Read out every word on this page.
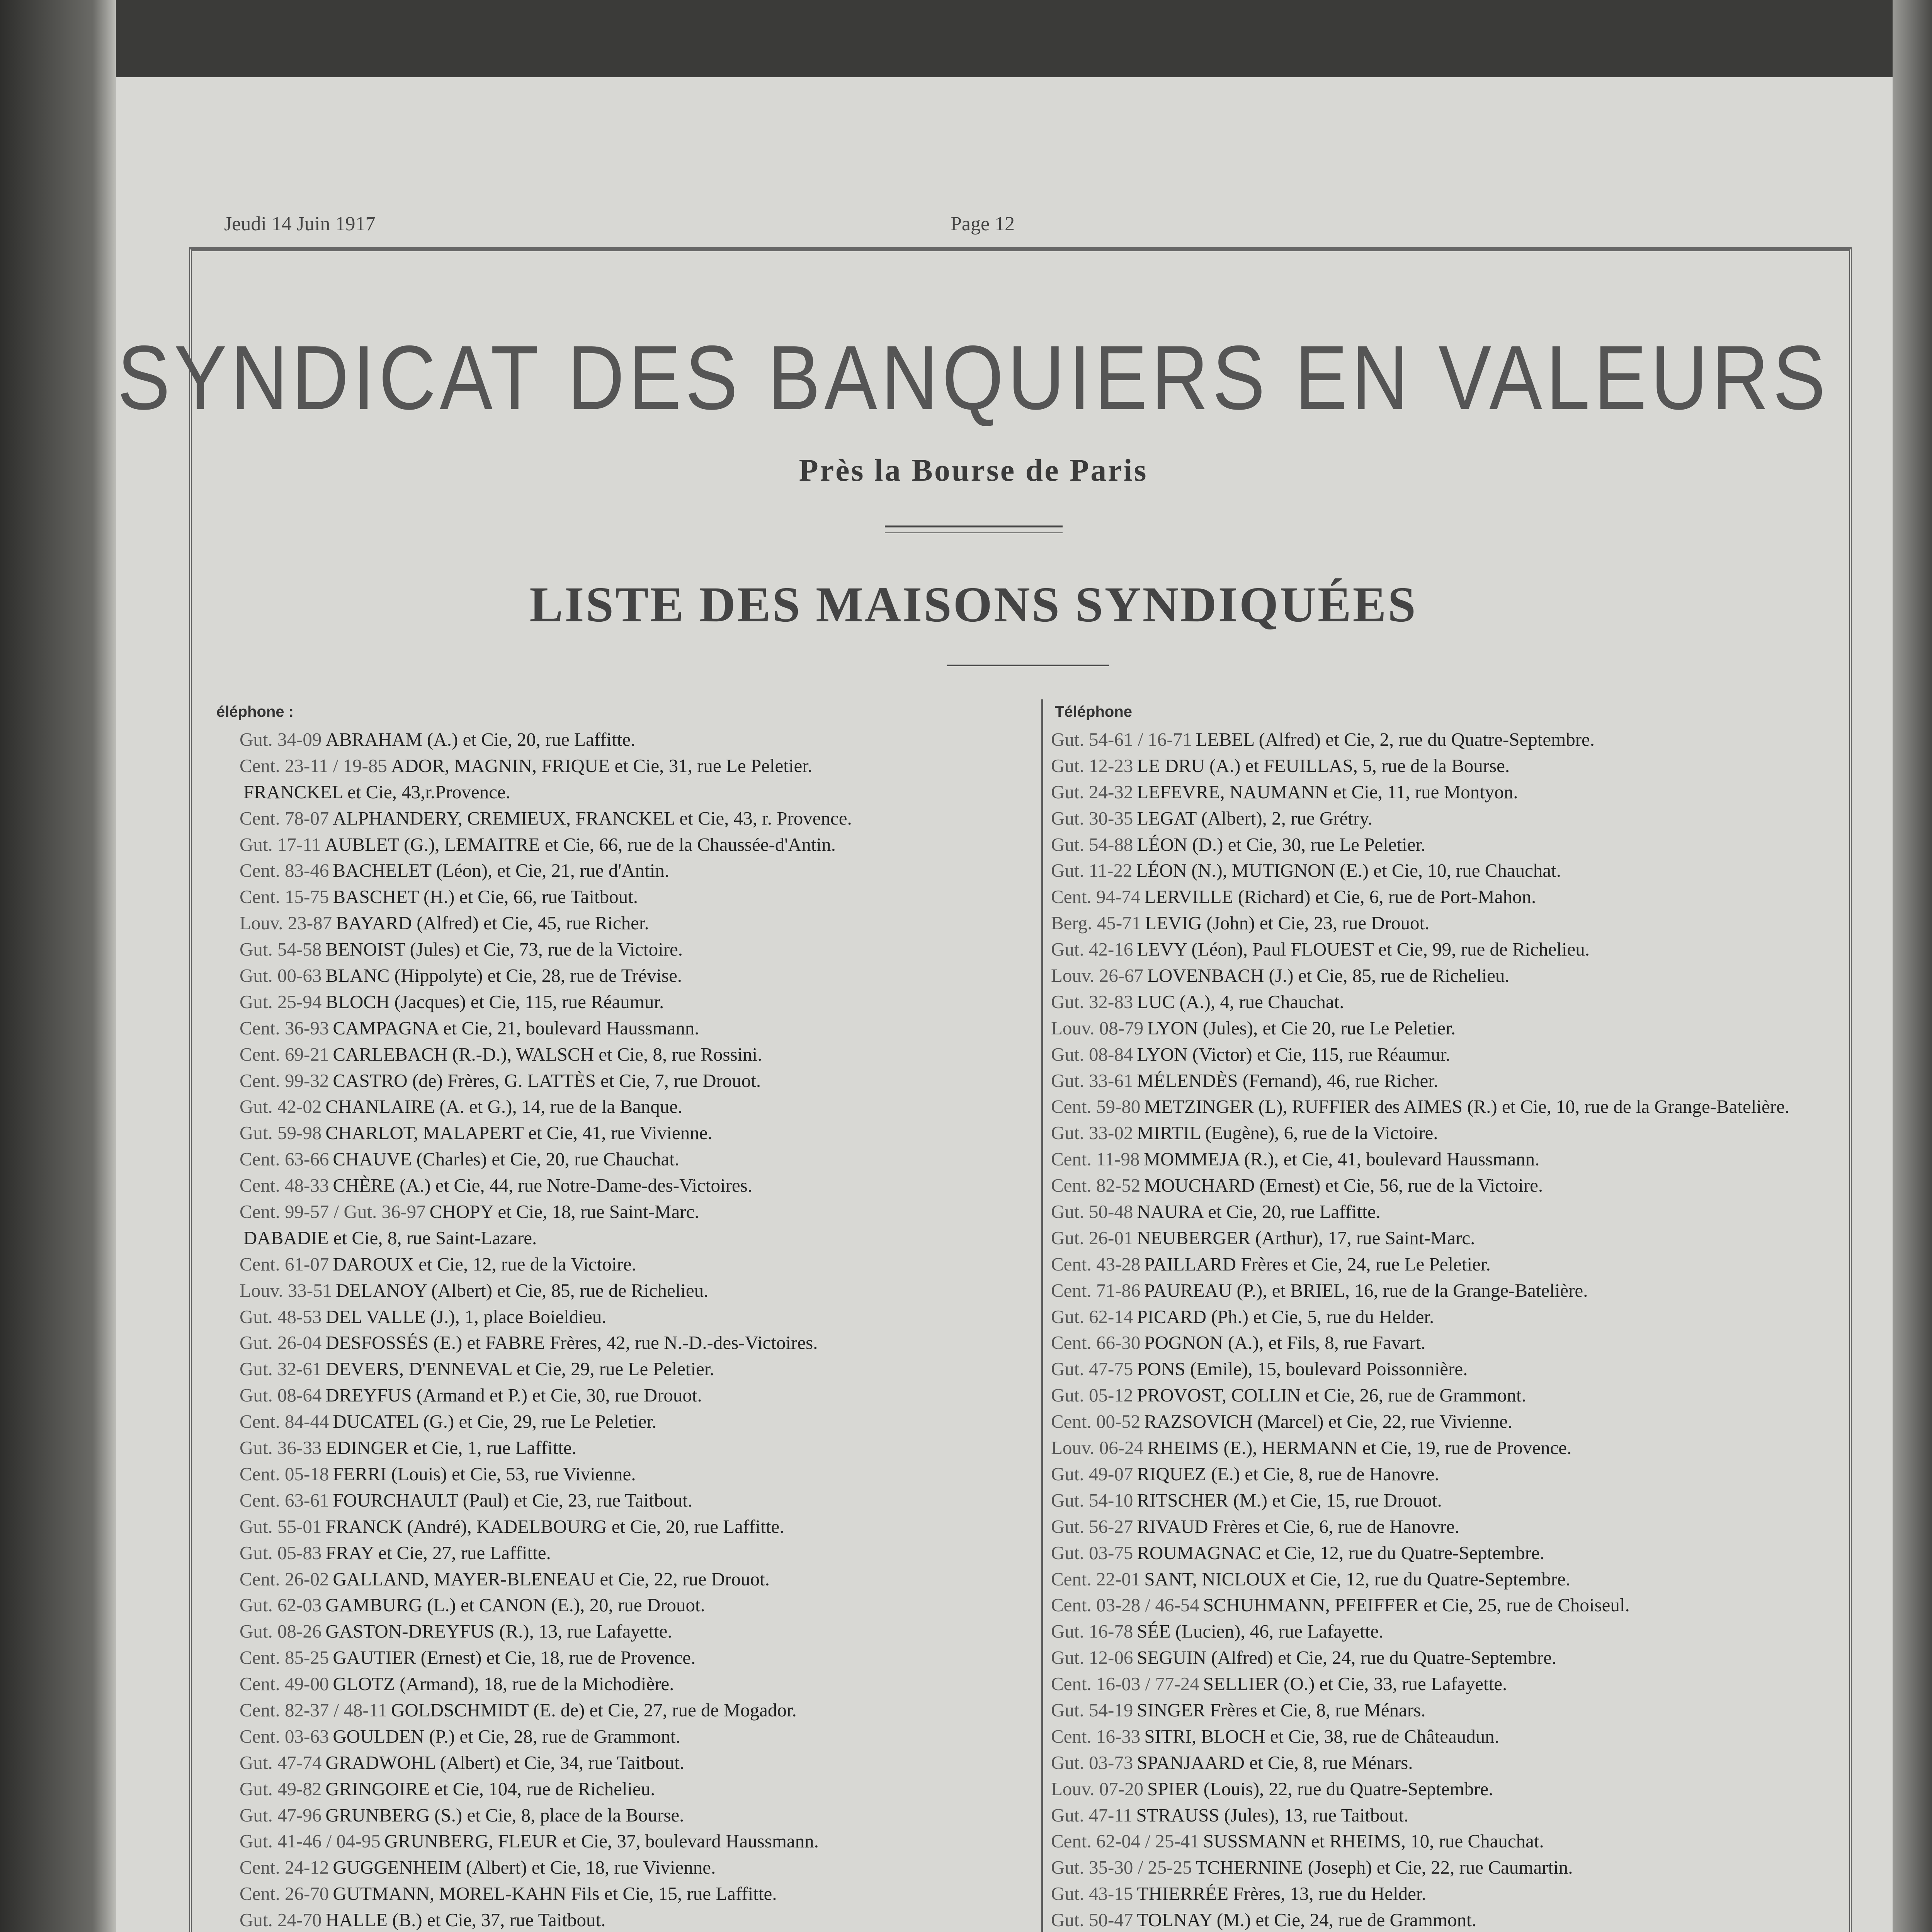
Jeudi 14 Juin 1917	Page 12
SYNDICAT DES BANQUIERS EN VALEURS
Près la Bourse de Paris
LISTE DES MAISONS SYNDIQUÉES
éléphone :	Téléphone
Gut. 34-09 ABRAHAM (A.) et Cie, 20, rue Laffitte.
Cent. 23-11 / 19-85 ADOR, MAGNIN, FRIQUE et Cie, 31, rue Le Peletier.
FRANCKEL et Cie, 43,r.Provence.
Cent. 78-07 ALPHANDERY, CREMIEUX, FRANCKEL et Cie, 43, r. Provence.
Gut. 17-11 AUBLET (G.), LEMAITRE et Cie, 66, rue de la Chaussée-d'Antin.
Cent. 83-46 BACHELET (Léon), et Cie, 21, rue d'Antin.
Cent. 15-75 BASCHET (H.) et Cie, 66, rue Taitbout.
Louv. 23-87 BAYARD (Alfred) et Cie, 45, rue Richer.
Gut. 54-58 BENOIST (Jules) et Cie, 73, rue de la Victoire.
Gut. 00-63 BLANC (Hippolyte) et Cie, 28, rue de Trévise.
Gut. 25-94 BLOCH (Jacques) et Cie, 115, rue Réaumur.
Cent. 36-93 CAMPAGNA et Cie, 21, boulevard Haussmann.
Cent. 69-21 CARLEBACH (R.-D.), WALSCH et Cie, 8, rue Rossini.
Cent. 99-32 CASTRO (de) Frères, G. LATTÈS et Cie, 7, rue Drouot.
Gut. 42-02 CHANLAIRE (A. et G.), 14, rue de la Banque.
Gut. 59-98 CHARLOT, MALAPERT et Cie, 41, rue Vivienne.
Cent. 63-66 CHAUVE (Charles) et Cie, 20, rue Chauchat.
Cent. 48-33 CHÈRE (A.) et Cie, 44, rue Notre-Dame-des-Victoires.
Cent. 99-57 / Gut. 36-97 CHOPY et Cie, 18, rue Saint-Marc.
DABADIE et Cie, 8, rue Saint-Lazare.
Cent. 61-07 DAROUX et Cie, 12, rue de la Victoire.
Louv. 33-51 DELANOY (Albert) et Cie, 85, rue de Richelieu.
Gut. 48-53 DEL VALLE (J.), 1, place Boieldieu.
Gut. 26-04 DESFOSSÉS (E.) et FABRE Frères, 42, rue N.-D.-des-Victoires.
Gut. 32-61 DEVERS, D'ENNEVAL et Cie, 29, rue Le Peletier.
Gut. 08-64 DREYFUS (Armand et P.) et Cie, 30, rue Drouot.
Cent. 84-44 DUCATEL (G.) et Cie, 29, rue Le Peletier.
Gut. 36-33 EDINGER et Cie, 1, rue Laffitte.
Cent. 05-18 FERRI (Louis) et Cie, 53, rue Vivienne.
Cent. 63-61 FOURCHAULT (Paul) et Cie, 23, rue Taitbout.
Gut. 55-01 FRANCK (André), KADELBOURG et Cie, 20, rue Laffitte.
Gut. 05-83 FRAY et Cie, 27, rue Laffitte.
Cent. 26-02 GALLAND, MAYER-BLENEAU et Cie, 22, rue Drouot.
Gut. 62-03 GAMBURG (L.) et CANON (E.), 20, rue Drouot.
Gut. 08-26 GASTON-DREYFUS (R.), 13, rue Lafayette.
Cent. 85-25 GAUTIER (Ernest) et Cie, 18, rue de Provence.
Cent. 49-00 GLOTZ (Armand), 18, rue de la Michodière.
Cent. 82-37 / 48-11 GOLDSCHMIDT (E. de) et Cie, 27, rue de Mogador.
Cent. 03-63 GOULDEN (P.) et Cie, 28, rue de Grammont.
Gut. 47-74 GRADWOHL (Albert) et Cie, 34, rue Taitbout.
Gut. 49-82 GRINGOIRE et Cie, 104, rue de Richelieu.
Gut. 47-96 GRUNBERG (S.) et Cie, 8, place de la Bourse.
Gut. 41-46 / 04-95 GRUNBERG, FLEUR et Cie, 37, boulevard Haussmann.
Cent. 24-12 GUGGENHEIM (Albert) et Cie, 18, rue Vivienne.
Cent. 26-70 GUTMANN, MOREL-KAHN Fils et Cie, 15, rue Laffitte.
Gut. 24-70 HALLE (B.) et Cie, 37, rue Taitbout.
Gut. 54-61 / 16-71 LEBEL (Alfred) et Cie, 2, rue du Quatre-Septembre.
Gut. 12-23 LE DRU (A.) et FEUILLAS, 5, rue de la Bourse.
Gut. 24-32 LEFEVRE, NAUMANN et Cie, 11, rue Montyon.
Gut. 30-35 LEGAT (Albert), 2, rue Grétry.
Gut. 54-88 LÉON (D.) et Cie, 30, rue Le Peletier.
Gut. 11-22 LÉON (N.), MUTIGNON (E.) et Cie, 10, rue Chauchat.
Cent. 94-74 LERVILLE (Richard) et Cie, 6, rue de Port-Mahon.
Berg. 45-71 LEVIG (John) et Cie, 23, rue Drouot.
Gut. 42-16 LEVY (Léon), Paul FLOUEST et Cie, 99, rue de Richelieu.
Louv. 26-67 LOVENBACH (J.) et Cie, 85, rue de Richelieu.
Gut. 32-83 LUC (A.), 4, rue Chauchat.
Louv. 08-79 LYON (Jules), et Cie 20, rue Le Peletier.
Gut. 08-84 LYON (Victor) et Cie, 115, rue Réaumur.
Gut. 33-61 MÉLENDÈS (Fernand), 46, rue Richer.
Cent. 59-80 METZINGER (L), RUFFIER des AIMES (R.) et Cie, 10, rue de la Grange-Batelière.
Gut. 33-02 MIRTIL (Eugène), 6, rue de la Victoire.
Cent. 11-98 MOMMEJA (R.), et Cie, 41, boulevard Haussmann.
Cent. 82-52 MOUCHARD (Ernest) et Cie, 56, rue de la Victoire.
Gut. 50-48 NAURA et Cie, 20, rue Laffitte.
Gut. 26-01 NEUBERGER (Arthur), 17, rue Saint-Marc.
Cent. 43-28 PAILLARD Frères et Cie, 24, rue Le Peletier.
Cent. 71-86 PAUREAU (P.), et BRIEL, 16, rue de la Grange-Batelière.
Gut. 62-14 PICARD (Ph.) et Cie, 5, rue du Helder.
Cent. 66-30 POGNON (A.), et Fils, 8, rue Favart.
Gut. 47-75 PONS (Emile), 15, boulevard Poissonnière.
Gut. 05-12 PROVOST, COLLIN et Cie, 26, rue de Grammont.
Cent. 00-52 RAZSOVICH (Marcel) et Cie, 22, rue Vivienne.
Louv. 06-24 RHEIMS (E.), HERMANN et Cie, 19, rue de Provence.
Gut. 49-07 RIQUEZ (E.) et Cie, 8, rue de Hanovre.
Gut. 54-10 RITSCHER (M.) et Cie, 15, rue Drouot.
Gut. 56-27 RIVAUD Frères et Cie, 6, rue de Hanovre.
Gut. 03-75 ROUMAGNAC et Cie, 12, rue du Quatre-Septembre.
Cent. 22-01 SANT, NICLOUX et Cie, 12, rue du Quatre-Septembre.
Cent. 03-28 / 46-54 SCHUHMANN, PFEIFFER et Cie, 25, rue de Choiseul.
Gut. 16-78 SÉE (Lucien), 46, rue Lafayette.
Gut. 12-06 SEGUIN (Alfred) et Cie, 24, rue du Quatre-Septembre.
Cent. 16-03 / 77-24 SELLIER (O.) et Cie, 33, rue Lafayette.
Gut. 54-19 SINGER Frères et Cie, 8, rue Ménars.
Cent. 16-33 SITRI, BLOCH et Cie, 38, rue de Châteaudun.
Gut. 03-73 SPANJAARD et Cie, 8, rue Ménars.
Louv. 07-20 SPIER (Louis), 22, rue du Quatre-Septembre.
Gut. 47-11 STRAUSS (Jules), 13, rue Taitbout.
Cent. 62-04 / 25-41 SUSSMANN et RHEIMS, 10, rue Chauchat.
Gut. 35-30 / 25-25 TCHERNINE (Joseph) et Cie, 22, rue Caumartin.
Gut. 43-15 THIERRÉE Frères, 13, rue du Helder.
Gut. 50-47 TOLNAY (M.) et Cie, 24, rue de Grammont.
